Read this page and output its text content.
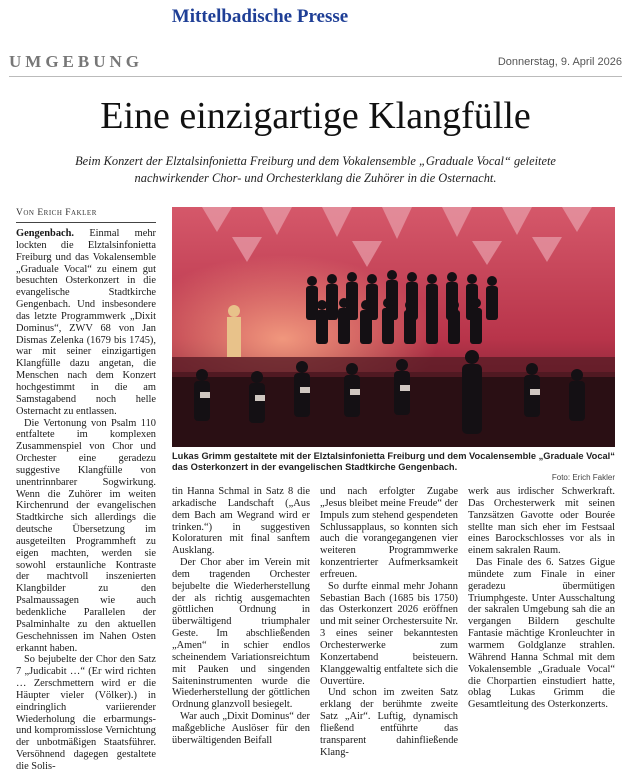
Mittelbadische Presse
UMGEBUNG	Donnerstag, 9. April 2026
Eine einzigartige Klangfülle
Beim Konzert der Elztalsinfonietta Freiburg und dem Vokalensemble „Graduale Vocal“ geleitete nachwirkender Chor- und Orchesterklang die Zuhörer in die Osternacht.
Von Erich Fakler

Gengenbach. Einmal mehr lockten die Elztalsinfonietta Freiburg und das Vokalensemble „Graduale Vocal“ zu einem gut besuchten Osterkonzert in die evangelische Stadtkirche Gengenbach. Und insbesondere das letzte Programmwerk „Dixit Dominus“, ZWV 68 von Jan Dismas Zelenka (1679 bis 1745), war mit seiner einzigartigen Klangfülle dazu angetan, die Menschen nach dem Konzert hochgestimmt in die am Samstagabend noch helle Osternacht zu entlassen.

Die Vertonung von Psalm 110 entfaltete im komplexen Zusammenspiel von Chor und Orchester eine geradezu suggestive Klangfülle von unentrinnbarer Sogwirkung. Wenn die Zuhörer im weiten Kirchenrund der evangelischen Stadtkirche sich allerdings die deutsche Übersetzung im ausgeteilten Programmheft zu eigen machten, werden sie sowohl erstaunliche Kontraste der machtvoll inszenierten Klangbilder zu den Psalmaussagen wie auch bedenkliche Parallelen der Psalminhalte zu den aktuellen Geschehnissen im Nahen Osten erkannt haben.

So bejubelte der Chor den Satz 7 „Judicabit …“ (Er wird richten … Zerschmettern wird er die Häupter vieler (Völker).) in eindringlich variierender Wiederholung die erbarmungs- und kompromisslose Vernichtung der unbotmäßigen Staatsführer. Versöhnend dagegen gestaltete die Solis-

Lukas Grimm gestaltete mit der Elztalsinfonietta Freiburg und dem Vocalensemble „Graduale Vocal“ das Osterkonzert in der evangelischen Stadtkirche Gengenbach.
Foto: Erich Fakler

tin Hanna Schmal in Satz 8 die arkadische Landschaft („Aus dem Bach am Wegrand wird er trinken.“) in suggestiven Koloraturen mit final sanftem Ausklang.

Der Chor aber im Verein mit dem tragenden Orchester bejubelte die Wiederherstellung der als richtig ausgemachten göttlichen Ordnung in überwältigend triumphaler Geste. Im abschließenden „Amen“ in schier endlos scheinendem Variationsreichtum mit Pauken und singenden Saiteninstrumenten wurde die Wiederherstellung der göttlichen Ordnung glanzvoll besiegelt.

War auch „Dixit Dominus“ der maßgebliche Auslöser für den überwältigenden Beifall

und nach erfolgter Zugabe „Jesus bleibet meine Freude“ der Impuls zum stehend gespendeten Schlussapplaus, so konnten sich auch die vorangegangenen vier weiteren Programmwerke konzentrierter Aufmerksamkeit erfreuen.

So durfte einmal mehr Johann Sebastian Bach (1685 bis 1750) das Osterkonzert 2026 eröffnen und mit seiner Orchestersuite Nr. 3 eines seiner bekanntesten Orchesterwerke zum Konzertabend beisteuern. Klanggewaltig entfaltete sich die Ouvertüre.

Und schon im zweiten Satz erklang der berühmte zweite Satz „Air“. Luftig, dynamisch fließend entführte das transparent dahinfließende Klang-

werk aus irdischer Schwerkraft. Das Orchesterwerk mit seinen Tanzsätzen Gavotte oder Bourée stellte man sich eher im Festsaal eines Barockschlosses vor als in einem sakralen Raum.

Das Finale des 6. Satzes Gigue mündete zum Finale in einer geradezu übermütigen Triumphgeste. Unter Ausschaltung der sakralen Umgebung sah die an vergangen Bildern geschulte Fantasie mächtige Kronleuchter in warmem Goldglanze strahlen. Während Hanna Schmal mit dem Vokalensemble „Graduale Vocal“ die Chorpartien einstudiert hatte, oblag Lukas Grimm die Gesamtleitung des Osterkonzerts.
